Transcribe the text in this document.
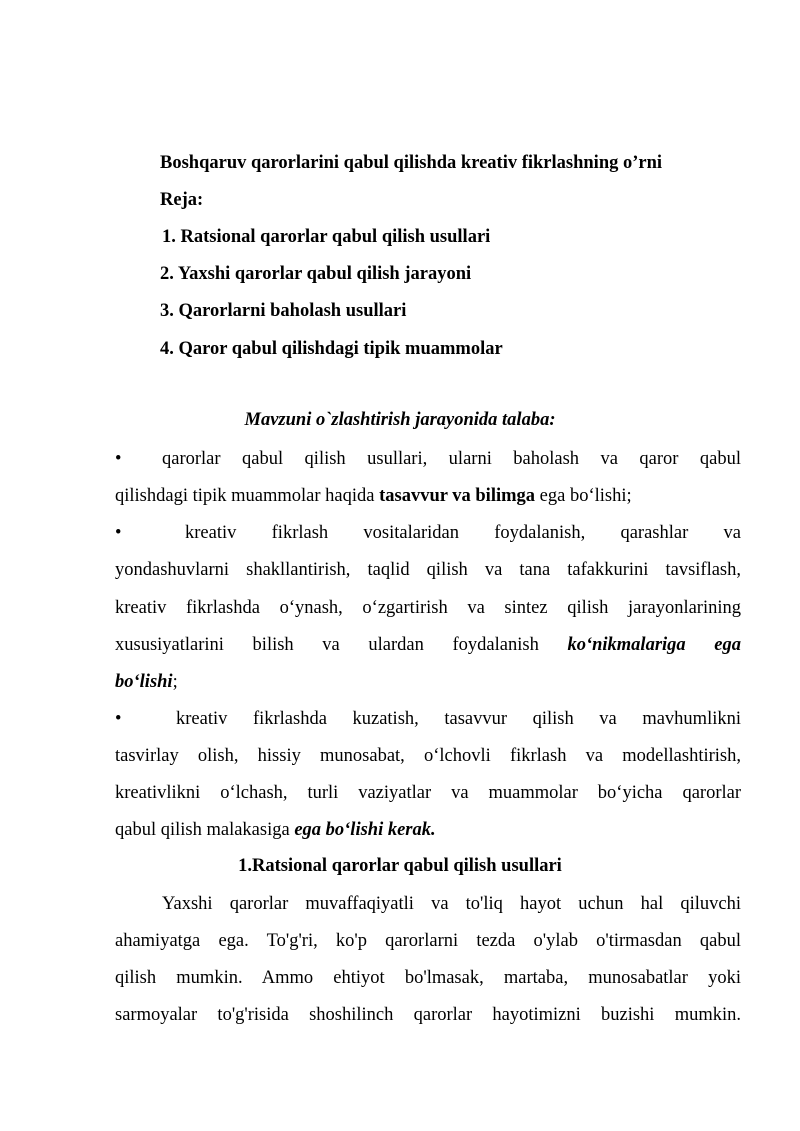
Boshqaruv qarorlarini qabul qilishda kreativ fikrlashning o’rni
Reja:
1. Ratsional qarorlar qabul qilish usullari
2. Yaxshi qarorlar qabul qilish jarayoni
3. Qarorlarni baholash usullari
4. Qaror qabul qilishdagi tipik muammolar
Mavzuni o`zlashtirish jarayonida talaba:
• qarorlar qabul qilish usullari, ularni baholash va qaror qabul
qilishdagi tipik muammolar haqida tasavvur va bilimga ega bo‘lishi;
•	kreativ fikrlash vositalaridan foydalanish, qarashlar va
yondashuvlarni shakllantirish, taqlid qilish va tana tafakkurini tavsiflash,
kreativ fikrlashda o‘ynash, o‘zgartirish va sintez qilish jarayonlarining
xususiyatlarini bilish va ulardan foydalanish ko‘nikmalariga ega
bo‘lishi;
•	kreativ fikrlashda kuzatish, tasavvur qilish va mavhumlikni
tasvirlay olish, hissiy munosabat, o‘lchovli fikrlash va modellashtirish,
kreativlikni o‘lchash, turli vaziyatlar va muammolar bo‘yicha qarorlar
qabul qilish malakasiga ega bo‘lishi kerak.
1.Ratsional qarorlar qabul qilish usullari
Yaxshi qarorlar muvaffaqiyatli va to'liq hayot uchun hal qiluvchi
ahamiyatga ega. To'g'ri, ko'p qarorlarni tezda o'ylab o'tirmasdan qabul
qilish mumkin. Ammo ehtiyot bo'lmasak, martaba, munosabatlar yoki
sarmoyalar to'g'risida shoshilinch qarorlar hayotimizni buzishi mumkin.
